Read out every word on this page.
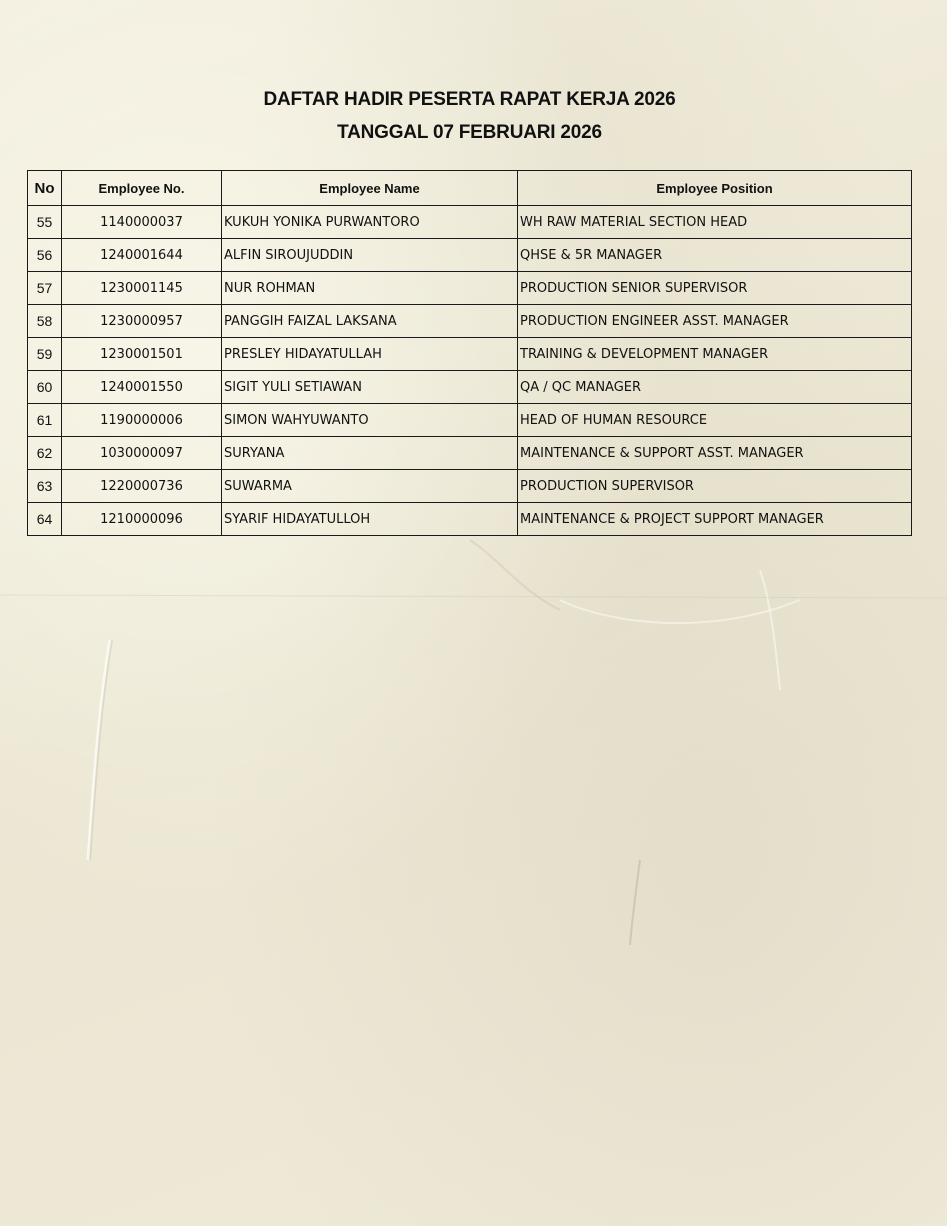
DAFTAR HADIR PESERTA RAPAT KERJA 2026
TANGGAL 07 FEBRUARI 2026
No	Employee No.	Employee Name	Employee Position
55	1140000037	KUKUH YONIKA PURWANTORO	WH RAW MATERIAL SECTION HEAD
56	1240001644	ALFIN SIROUJUDDIN	QHSE & 5R MANAGER
57	1230001145	NUR ROHMAN	PRODUCTION SENIOR SUPERVISOR
58	1230000957	PANGGIH FAIZAL LAKSANA	PRODUCTION ENGINEER ASST. MANAGER
59	1230001501	PRESLEY HIDAYATULLAH	TRAINING & DEVELOPMENT MANAGER
60	1240001550	SIGIT YULI SETIAWAN	QA / QC MANAGER
61	1190000006	SIMON WAHYUWANTO	HEAD OF HUMAN RESOURCE
62	1030000097	SURYANA	MAINTENANCE & SUPPORT ASST. MANAGER
63	1220000736	SUWARMA	PRODUCTION SUPERVISOR
64	1210000096	SYARIF HIDAYATULLOH	MAINTENANCE & PROJECT SUPPORT MANAGER
